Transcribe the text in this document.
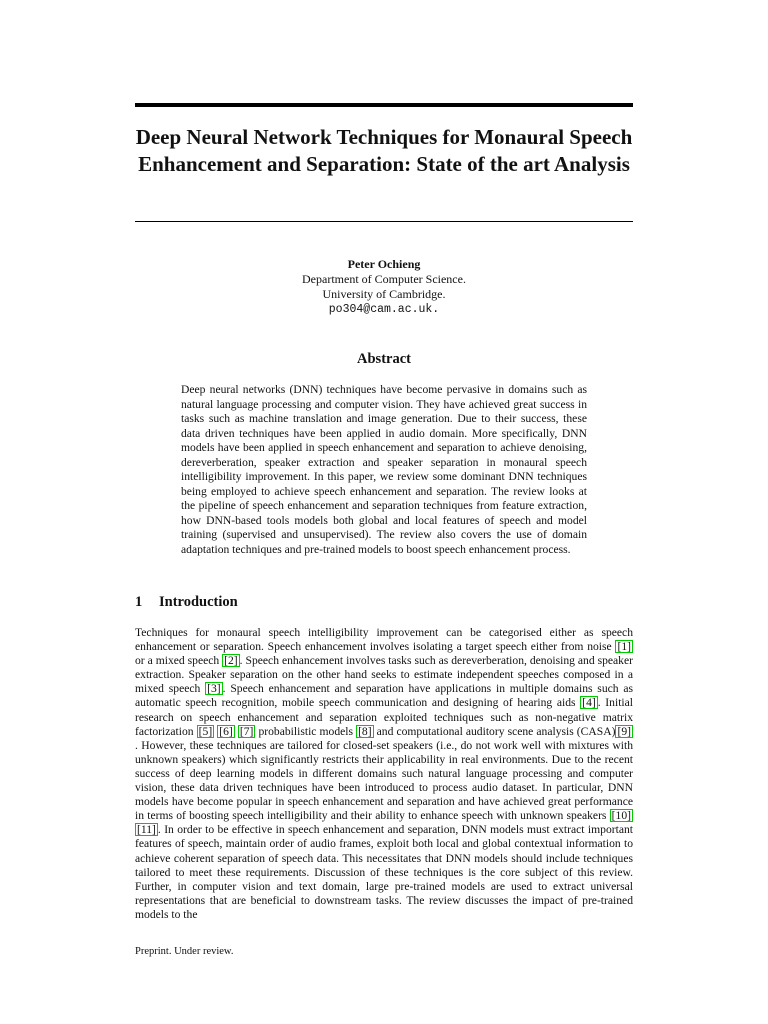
Deep Neural Network Techniques for Monaural Speech Enhancement and Separation: State of the art Analysis
Peter Ochieng
Department of Computer Science.
University of Cambridge.
po304@cam.ac.uk.
Abstract
Deep neural networks (DNN) techniques have become pervasive in domains such as natural language processing and computer vision. They have achieved great success in tasks such as machine translation and image generation. Due to their success, these data driven techniques have been applied in audio domain. More specifically, DNN models have been applied in speech enhancement and separation to achieve denoising, dereverberation, speaker extraction and speaker separation in monaural speech intelligibility improvement. In this paper, we review some dominant DNN techniques being employed to achieve speech enhancement and separation. The review looks at the pipeline of speech enhancement and separation techniques from feature extraction, how DNN-based tools models both global and local features of speech and model training (supervised and unsupervised). The review also covers the use of domain adaptation techniques and pre-trained models to boost speech enhancement process.
1 Introduction
Techniques for monaural speech intelligibility improvement can be categorised either as speech enhancement or separation. Speech enhancement involves isolating a target speech either from noise [1] or a mixed speech [2] . Speech enhancement involves tasks such as dereverberation, denoising and speaker extraction. Speaker separation on the other hand seeks to estimate independent speeches composed in a mixed speech [3] . Speech enhancement and separation have applications in multiple domains such as automatic speech recognition, mobile speech communication and designing of hearing aids [4] . Initial research on speech enhancement and separation exploited techniques such as non-negative matrix factorization [5] [6] [7] probabilistic models [8] and computational auditory scene analysis (CASA) [9]. However, these techniques are tailored for closed-set speakers (i.e., do not work well with mixtures with unknown speakers) which significantly restricts their applicability in real environments. Due to the recent success of deep learning models in different domains such natural language processing and computer vision, these data driven techniques have been introduced to process audio dataset. In particular, DNN models have become popular in speech enhancement and separation and have achieved great performance in terms of boosting speech intelligibility and their ability to enhance speech with unknown speakers [10] [11] . In order to be effective in speech enhancement and separation, DNN models must extract important features of speech, maintain order of audio frames, exploit both local and global contextual information to achieve coherent separation of speech data. This necessitates that DNN models should include techniques tailored to meet these requirements. Discussion of these techniques is the core subject of this review. Further, in computer vision and text domain, large pre-trained models are used to extract universal representations that are beneficial to downstream tasks. The review discusses the impact of pre-trained models to the
Preprint. Under review.
